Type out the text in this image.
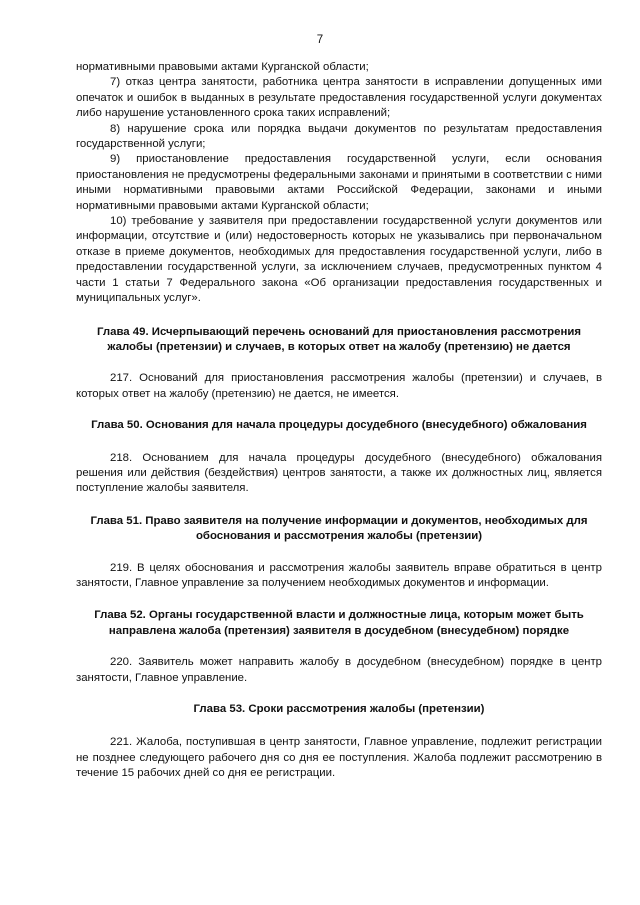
7

нормативными правовыми актами Курганской области;

7) отказ центра занятости, работника центра занятости в исправлении допущенных ими опечаток и ошибок в выданных в результате предоставления государственной услуги документах либо нарушение установленного срока таких исправлений;

8) нарушение срока или порядка выдачи документов по результатам предоставления государственной услуги;

9) приостановление предоставления государственной услуги, если основания приостановления не предусмотрены федеральными законами и принятыми в соответствии с ними иными нормативными правовыми актами Российской Федерации, законами и иными нормативными правовыми актами Курганской области;

10) требование у заявителя при предоставлении государственной услуги документов или информации, отсутствие и (или) недостоверность которых не указывались при первоначальном отказе в приеме документов, необходимых для предоставления государственной услуги, либо в предоставлении государственной услуги, за исключением случаев, предусмотренных пунктом 4 части 1 статьи 7 Федерального закона «Об организации предоставления государственных и муниципальных услуг».

Глава 49. Исчерпывающий перечень оснований для приостановления рассмотрения жалобы (претензии) и случаев, в которых ответ на жалобу (претензию) не дается

217. Оснований для приостановления рассмотрения жалобы (претензии) и случаев, в которых ответ на жалобу (претензию) не дается, не имеется.

Глава 50. Основания для начала процедуры досудебного (внесудебного) обжалования

218. Основанием для начала процедуры досудебного (внесудебного) обжалования решения или действия (бездействия) центров занятости, а также их должностных лиц, является поступление жалобы заявителя.

Глава 51. Право заявителя на получение информации и документов, необходимых для обоснования и рассмотрения жалобы (претензии)

219. В целях обоснования и рассмотрения жалобы заявитель вправе обратиться в центр занятости, Главное управление за получением необходимых документов и информации.

Глава 52. Органы государственной власти и должностные лица, которым может быть направлена жалоба (претензия) заявителя в досудебном (внесудебном) порядке

220. Заявитель может направить жалобу в досудебном (внесудебном) порядке в центр занятости, Главное управление.

Глава 53. Сроки рассмотрения жалобы (претензии)

221. Жалоба, поступившая в центр занятости, Главное управление, подлежит регистрации не позднее следующего рабочего дня со дня ее поступления. Жалоба подлежит рассмотрению в течение 15 рабочих дней со дня ее регистрации.
